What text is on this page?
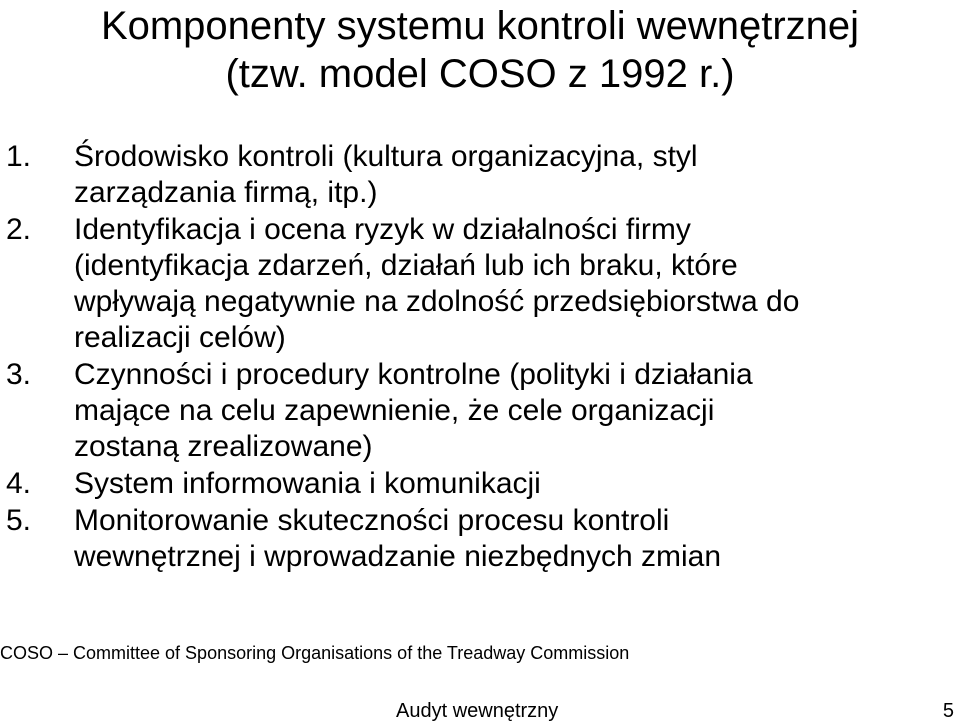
Komponenty systemu kontroli wewnętrznej
(tzw. model COSO z 1992 r.)
1.	Środowisko kontroli (kultura organizacyjna, styl
zarządzania firmą, itp.)
2.	Identyfikacja i ocena ryzyk w działalności firmy
(identyfikacja zdarzeń, działań lub ich braku, które
wpływają negatywnie na zdolność przedsiębiorstwa do
realizacji celów)
3.	Czynności i procedury kontrolne (polityki i działania
mające na celu zapewnienie, że cele organizacji
zostaną zrealizowane)
4.	System informowania i komunikacji
5.	Monitorowanie skuteczności procesu kontroli
wewnętrznej i wprowadzanie niezbędnych zmian
COSO – Committee of Sponsoring Organisations of the Treadway Commission
Audyt wewnętrzny	5
